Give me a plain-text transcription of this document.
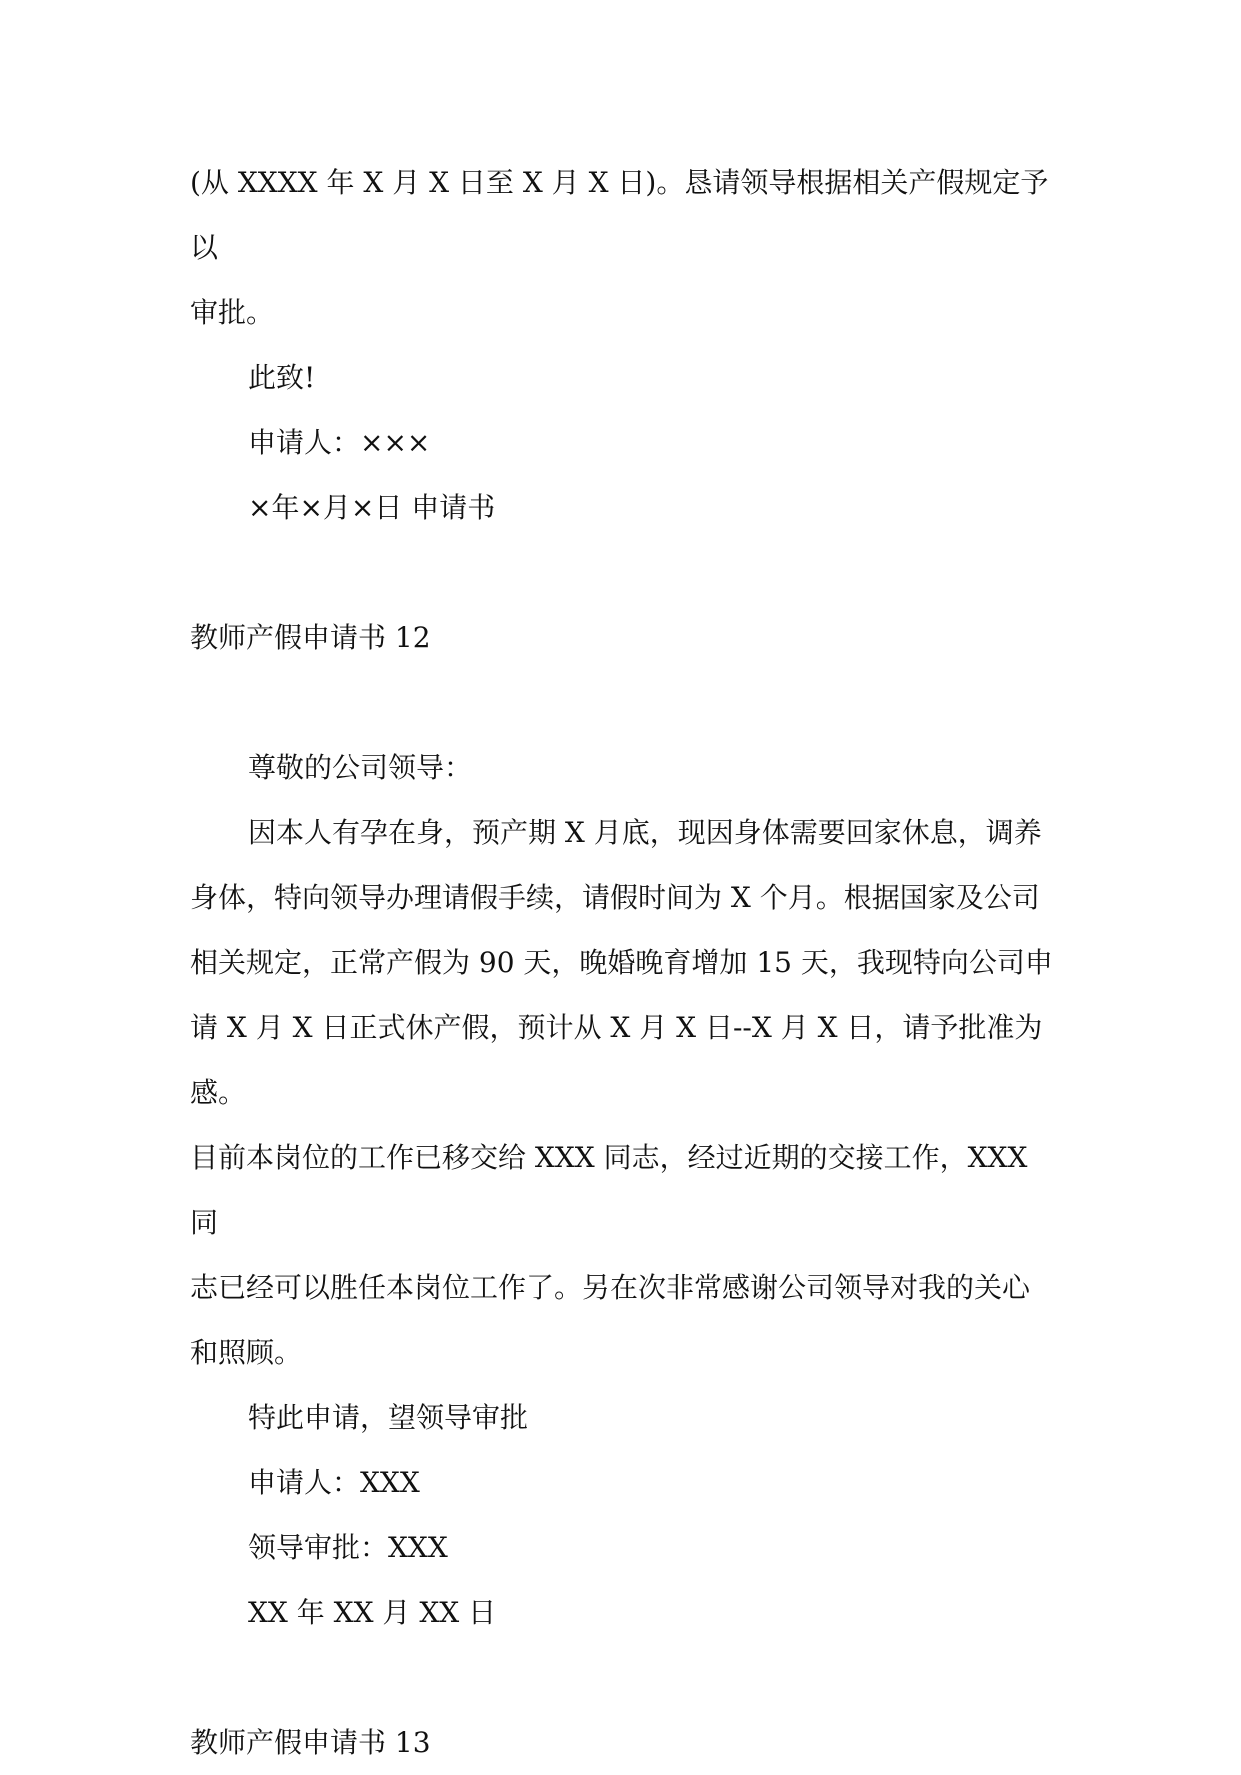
(从 XXXX 年 X 月 X 日至 X 月 X 日)。恳请领导根据相关产假规定予以

审批。

此致!

申请人：×××

×年×月×日 申请书

教师产假申请书 12

尊敬的公司领导：

因本人有孕在身，预产期 X 月底，现因身体需要回家休息，调养

身体，特向领导办理请假手续，请假时间为 X 个月。根据国家及公司

相关规定，正常产假为 90 天，晚婚晚育增加 15 天，我现特向公司申

请 X 月 X 日正式休产假，预计从 X 月 X 日--X 月 X 日，请予批准为感。

目前本岗位的工作已移交给 XXX 同志，经过近期的交接工作，XXX 同

志已经可以胜任本岗位工作了。另在次非常感谢公司领导对我的关心

和照顾。

特此申请，望领导审批

申请人：XXX

领导审批：XXX

XX 年 XX 月 XX 日

教师产假申请书 13
